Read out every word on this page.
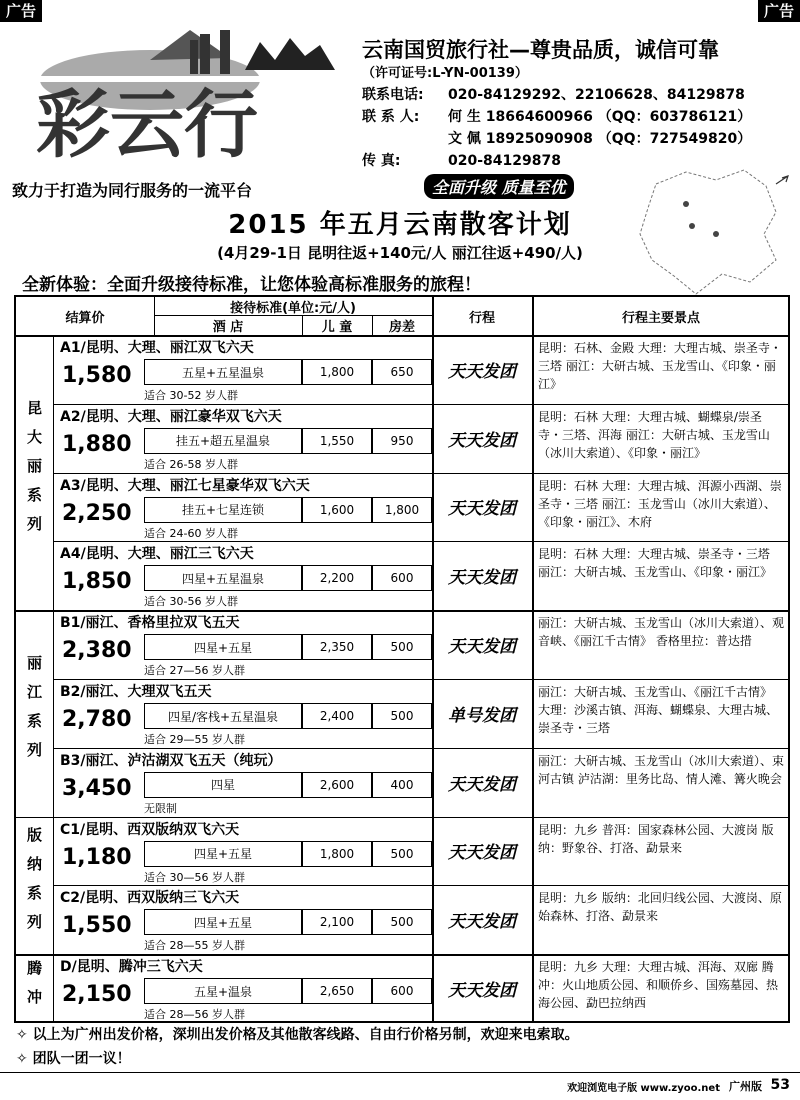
广告	广告
彩云行
云南国贸旅行社—尊贵品质，诚信可靠
（许可证号:L-YN-00139）
联系电话: 020-84129292、22106628、84129878
联 系 人: 何 生 18664600966 （QQ：603786121）
文 佩 18925090908 （QQ：727549820）
传 真:	020-84129878
致力于打造为同行服务的一流平台	全面升级 质量至优
2015 年五月云南散客计划
(4月29-1日 昆明往返+140元/人 丽江往返+490/人)
全新体验：全面升级接待标准，让您体验高标准服务的旅程！
结算价
接待标准(单位:元/人)
酒 店	儿 童	房差
行程	行程主要景点
昆大丽系列
A1/昆明、大理、丽江双飞六天
1,580	五星+五星温泉	1,800	650
适合 30-52 岁人群
天天发团
昆明：石林、金殿 大理：大理古城、崇圣寺・三塔 丽江：大研古城、玉龙雪山、《印象・丽江》
A2/昆明、大理、丽江豪华双飞六天
1,880	挂五+超五星温泉	1,550	950
适合 26-58 岁人群
天天发团
昆明：石林 大理：大理古城、蝴蝶泉/崇圣寺・三塔、洱海 丽江：大研古城、玉龙雪山（冰川大索道）、《印象・丽江》
A3/昆明、大理、丽江七星豪华双飞六天
2,250	挂五+七星连锁	1,600	1,800
适合 24-60 岁人群
天天发团
昆明：石林 大理：大理古城、洱源小西湖、崇圣寺・三塔 丽江：玉龙雪山（冰川大索道）、《印象・丽江》、木府
A4/昆明、大理、丽江三飞六天
1,850	四星+五星温泉	2,200	600
适合 30-56 岁人群
天天发团
昆明：石林 大理：大理古城、崇圣寺・三塔 丽江：大研古城、玉龙雪山、《印象・丽江》
丽江系列
B1/丽江、香格里拉双飞五天
2,380	四星+五星	2,350	500
适合 27—56 岁人群
天天发团
丽江：大研古城、玉龙雪山（冰川大索道）、观音峡、《丽江千古情》 香格里拉：普达措
B2/丽江、大理双飞五天
2,780	四星/客栈+五星温泉	2,400	500
适合 29—55 岁人群
单号发团
丽江：大研古城、玉龙雪山、《丽江千古情》 大理：沙溪古镇、洱海、蝴蝶泉、大理古城、崇圣寺・三塔
B3/丽江、泸沽湖双飞五天（纯玩）
3,450	四星	2,600	400
无限制
天天发团
丽江：大研古城、玉龙雪山（冰川大索道）、束河古镇 泸沽湖：里务比岛、情人滩、篝火晚会
版纳系列	C1/昆明、西双版纳双飞六天
1,180	四星+五星	1,800	500
适合 30—56 岁人群
天天发团
昆明：九乡 普洱：国家森林公园、大渡岗 版纳：野象谷、打洛、勐景来
C2/昆明、西双版纳三飞六天
1,550	四星+五星	2,100	500
适合 28—55 岁人群
天天发团
昆明：九乡 版纳：北回归线公园、大渡岗、原始森林、打洛、勐景来
腾冲	D/昆明、腾冲三飞六天
2,150	五星+温泉	2,650	600
适合 28—56 岁人群
天天发团
昆明：九乡 大理：大理古城、洱海、双廊 腾冲：火山地质公园、和顺侨乡、国殇墓园、热海公园、勐巴拉纳西
✧ 以上为广州出发价格，深圳出发价格及其他散客线路、自由行价格另制，欢迎来电索取。
✧ 团队一团一议！
欢迎浏览电子版 www.zyoo.net 广州版 53
